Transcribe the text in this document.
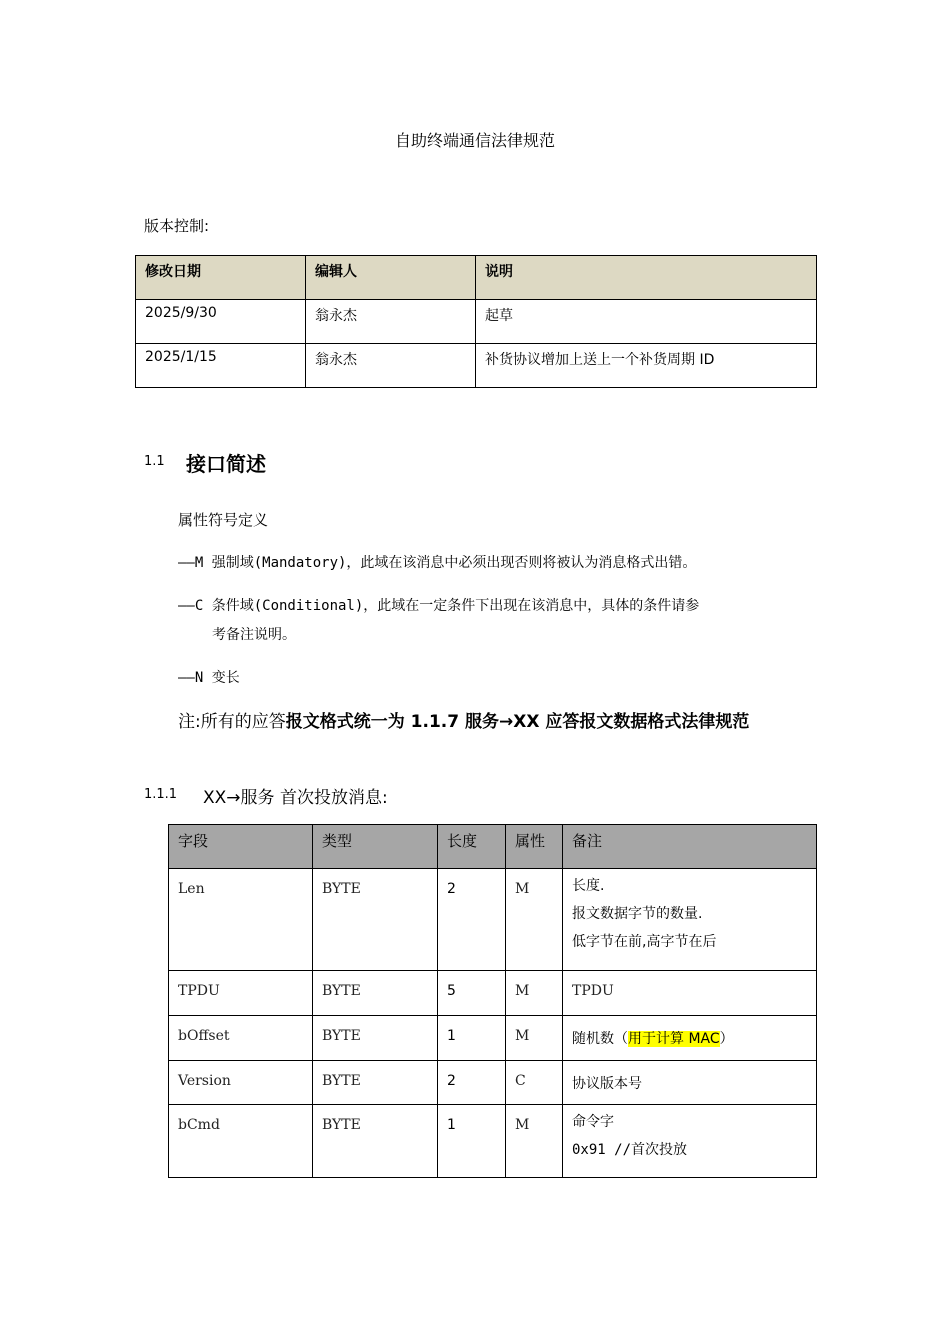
自助终端通信法律规范
版本控制:
修改日期	编辑人	说明
2025/9/30	翁永杰	起草
2025/1/15	翁永杰	补货协议增加上送上一个补货周期 ID
1.1 接口简述
属性符号定义
——M 强制域(Mandatory)，此域在该消息中必须出现否则将被认为消息格式出错。
——C 条件域(Conditional)，此域在一定条件下出现在该消息中，具体的条件请参
考备注说明。
——N 变长
注:所有的应答报文格式统一为 1.1.7 服务→XX 应答报文数据格式法律规范
1.1.1 XX→服务 首次投放消息:
字段	类型	长度	属性	备注
Len	BYTE	2	M	长度.
报文数据字节的数量.
低字节在前,高字节在后

TPDU	BYTE	5	M	TPDU
bOffset	BYTE	1	M	随机数（用于计算 MAC）
Version	BYTE	2	C	协议版本号
bCmd	BYTE	1	M	命令字
0x91 //首次投放
